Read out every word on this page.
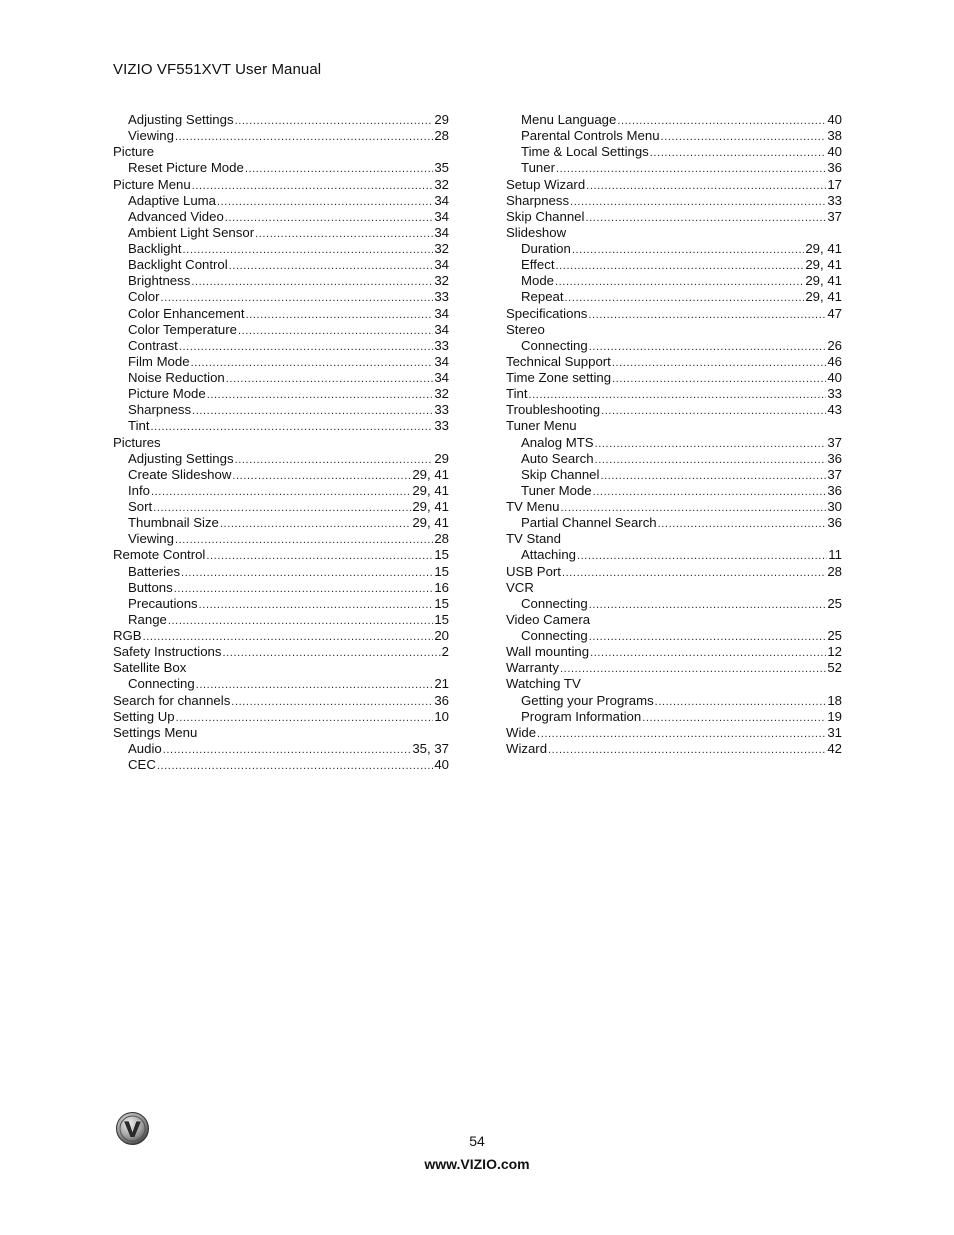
VIZIO VF551XVT User Manual
Adjusting Settings .....	29
Viewing .....	28
Picture
Reset Picture Mode .....	35
Picture Menu .....	32
Adaptive Luma .....	34
Advanced Video .....	34
Ambient Light Sensor .....	34
Backlight .....	32
Backlight Control .....	34
Brightness .....	32
Color .....	33
Color Enhancement .....	34
Color Temperature .....	34
Contrast .....	33
Film Mode .....	34
Noise Reduction .....	34
Picture Mode .....	32
Sharpness .....	33
Tint .....	33
Pictures
Adjusting Settings .....	29
Create Slideshow .....	29, 41
Info .....	29, 41
Sort .....	29, 41
Thumbnail Size .....	29, 41
Viewing .....	28
Remote Control .....	15
Batteries .....	15
Buttons .....	16
Precautions .....	15
Range .....	15
RGB .....	20
Safety Instructions .....	2
Satellite Box
Connecting .....	21
Search for channels .....	36
Setting Up .....	10
Settings Menu
Audio .....	35, 37
CEC .....	40
Menu Language .....	40
Parental Controls Menu .....	38
Time & Local Settings .....	40
Tuner .....	36
Setup Wizard .....	17
Sharpness .....	33
Skip Channel .....	37
Slideshow
Duration .....	29, 41
Effect .....	29, 41
Mode .....	29, 41
Repeat .....	29, 41
Specifications .....	47
Stereo
Connecting .....	26
Technical Support .....	46
Time Zone setting .....	40
Tint .....	33
Troubleshooting .....	43
Tuner Menu
Analog MTS .....	37
Auto Search .....	36
Skip Channel .....	37
Tuner Mode .....	36
TV Menu .....	30
Partial Channel Search .....	36
TV Stand
Attaching .....	11
USB Port .....	28
VCR
Connecting .....	25
Video Camera
Connecting .....	25
Wall mounting .....	12
Warranty .....	52
Watching TV
Getting your Programs .....	18
Program Information .....	19
Wide .....	31
Wizard .....	42
54
www.VIZIO.com
